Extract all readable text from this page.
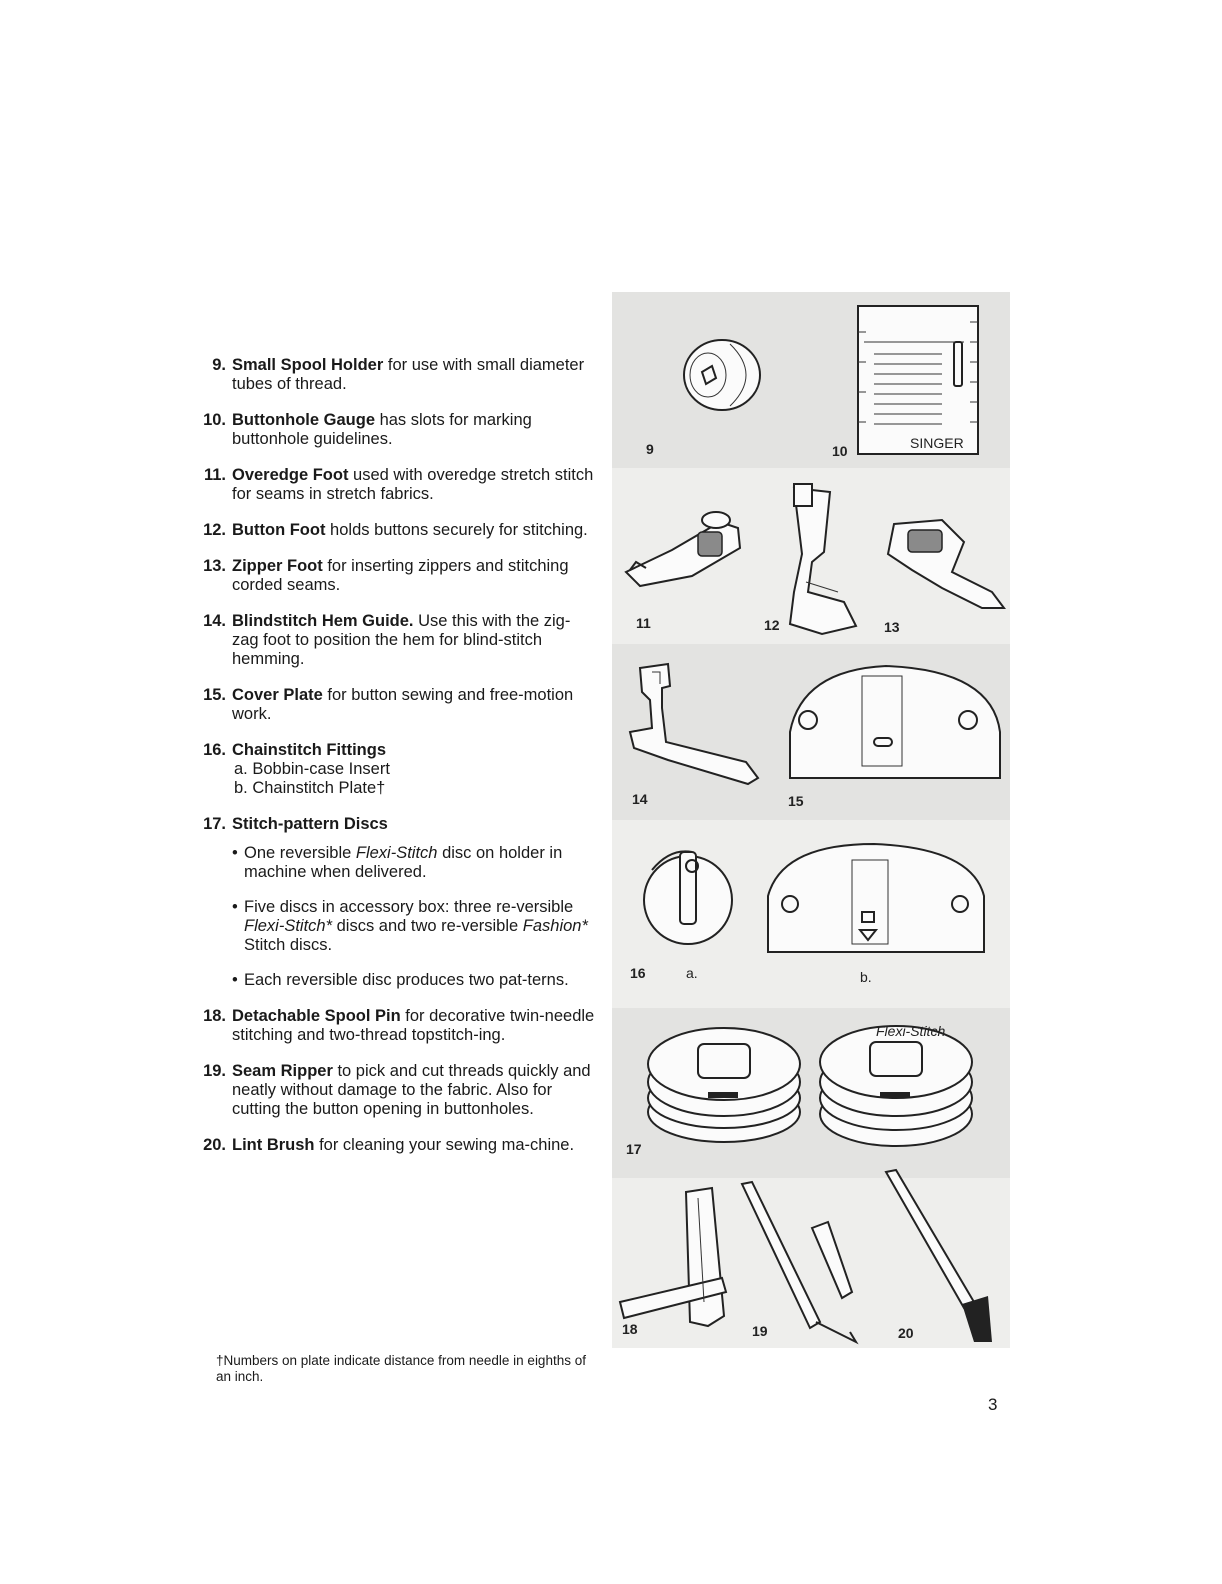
9. Small Spool Holder for use with small diameter tubes of thread.
10. Buttonhole Gauge has slots for marking buttonhole guidelines.
11. Overedge Foot used with overedge stretch stitch for seams in stretch fabrics.
12. Button Foot holds buttons securely for stitching.
13. Zipper Foot for inserting zippers and stitching corded seams.
14. Blindstitch Hem Guide. Use this with the zig-zag foot to position the hem for blind-stitch hemming.
15. Cover Plate for button sewing and free-motion work.
16. Chainstitch Fittings
a. Bobbin-case Insert
b. Chainstitch Plate†
17. Stitch-pattern Discs
• One reversible Flexi-Stitch disc on holder in machine when delivered.
• Five discs in accessory box: three re-versible Flexi-Stitch* discs and two re-versible Fashion* Stitch discs.
• Each reversible disc produces two pat-terns.
18. Detachable Spool Pin for decorative twin-needle stitching and two-thread topstitch-ing.
19. Seam Ripper to pick and cut threads quickly and neatly without damage to the fabric. Also for cutting the button opening in buttonholes.
20. Lint Brush for cleaning your sewing ma-chine.
†Numbers on plate indicate distance from needle in eighths of an inch.
3
SINGER
9	10
11	12	13
14	15
16	a.	b.
Flexi-Stitch
17
18	19	20
